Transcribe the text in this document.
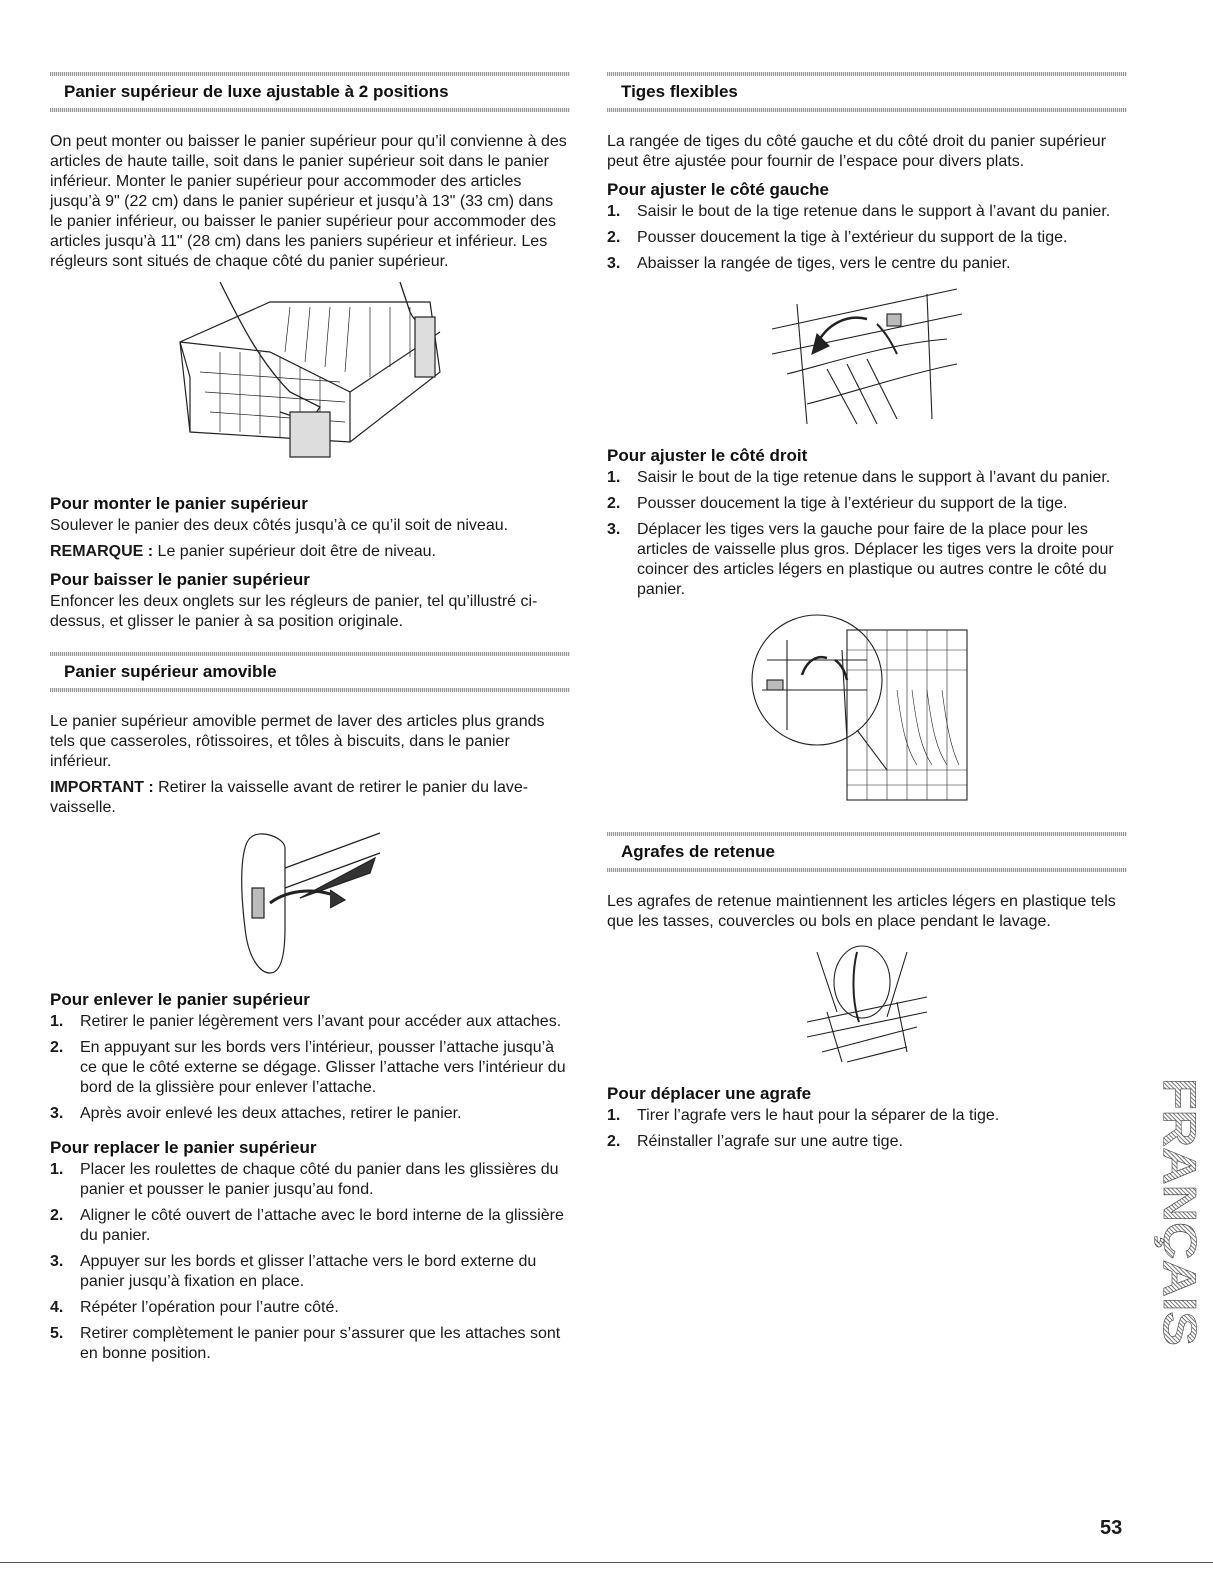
Panier supérieur de luxe ajustable à 2 positions

On peut monter ou baisser le panier supérieur pour qu’il convienne à des articles de haute taille, soit dans le panier supérieur soit dans le panier inférieur. Monter le panier supérieur pour accommoder des articles jusqu’à 9" (22 cm) dans le panier supérieur et jusqu’à 13" (33 cm) dans le panier inférieur, ou baisser le panier supérieur pour accommoder des articles jusqu’à 11" (28 cm) dans les paniers supérieur et inférieur. Les régleurs sont situés de chaque côté du panier supérieur.

Pour monter le panier supérieur

Soulever le panier des deux côtés jusqu’à ce qu’il soit de niveau.

REMARQUE : Le panier supérieur doit être de niveau.

Pour baisser le panier supérieur

Enfoncer les deux onglets sur les régleurs de panier, tel qu’illustré ci-dessus, et glisser le panier à sa position originale.

Panier supérieur amovible

Le panier supérieur amovible permet de laver des articles plus grands tels que casseroles, rôtissoires, et tôles à biscuits, dans le panier inférieur.

IMPORTANT : Retirer la vaisselle avant de retirer le panier du lave-vaisselle.

Pour enlever le panier supérieur
1. Retirer le panier légèrement vers l’avant pour accéder aux attaches.
2. En appuyant sur les bords vers l’intérieur, pousser l’attache jusqu’à ce que le côté externe se dégage. Glisser l’attache vers l’intérieur du bord de la glissière pour enlever l’attache.
3. Après avoir enlevé les deux attaches, retirer le panier.
Pour replacer le panier supérieur
1. Placer les roulettes de chaque côté du panier dans les glissières du panier et pousser le panier jusqu’au fond.
2. Aligner le côté ouvert de l’attache avec le bord interne de la glissière du panier.
3. Appuyer sur les bords et glisser l’attache vers le bord externe du panier jusqu’à fixation en place.
4. Répéter l’opération pour l’autre côté.
5. Retirer complètement le panier pour s’assurer que les attaches sont en bonne position.
Tiges flexibles

La rangée de tiges du côté gauche et du côté droit du panier supérieur peut être ajustée pour fournir de l’espace pour divers plats.

Pour ajuster le côté gauche
1. Saisir le bout de la tige retenue dans le support à l’avant du panier.
2. Pousser doucement la tige à l’extérieur du support de la tige.
3. Abaisser la rangée de tiges, vers le centre du panier.
Pour ajuster le côté droit
1. Saisir le bout de la tige retenue dans le support à l’avant du panier.
2. Pousser doucement la tige à l’extérieur du support de la tige.
3. Déplacer les tiges vers la gauche pour faire de la place pour les articles de vaisselle plus gros. Déplacer les tiges vers la droite pour coincer des articles légers en plastique ou autres contre le côté du panier.
Agrafes de retenue

Les agrafes de retenue maintiennent les articles légers en plastique tels que les tasses, couvercles ou bols en place pendant le lavage.

Pour déplacer une agrafe
1. Tirer l’agrafe vers le haut pour la séparer de la tige.
2. Réinstaller l’agrafe sur une autre tige.	FRANÇAIS
53
